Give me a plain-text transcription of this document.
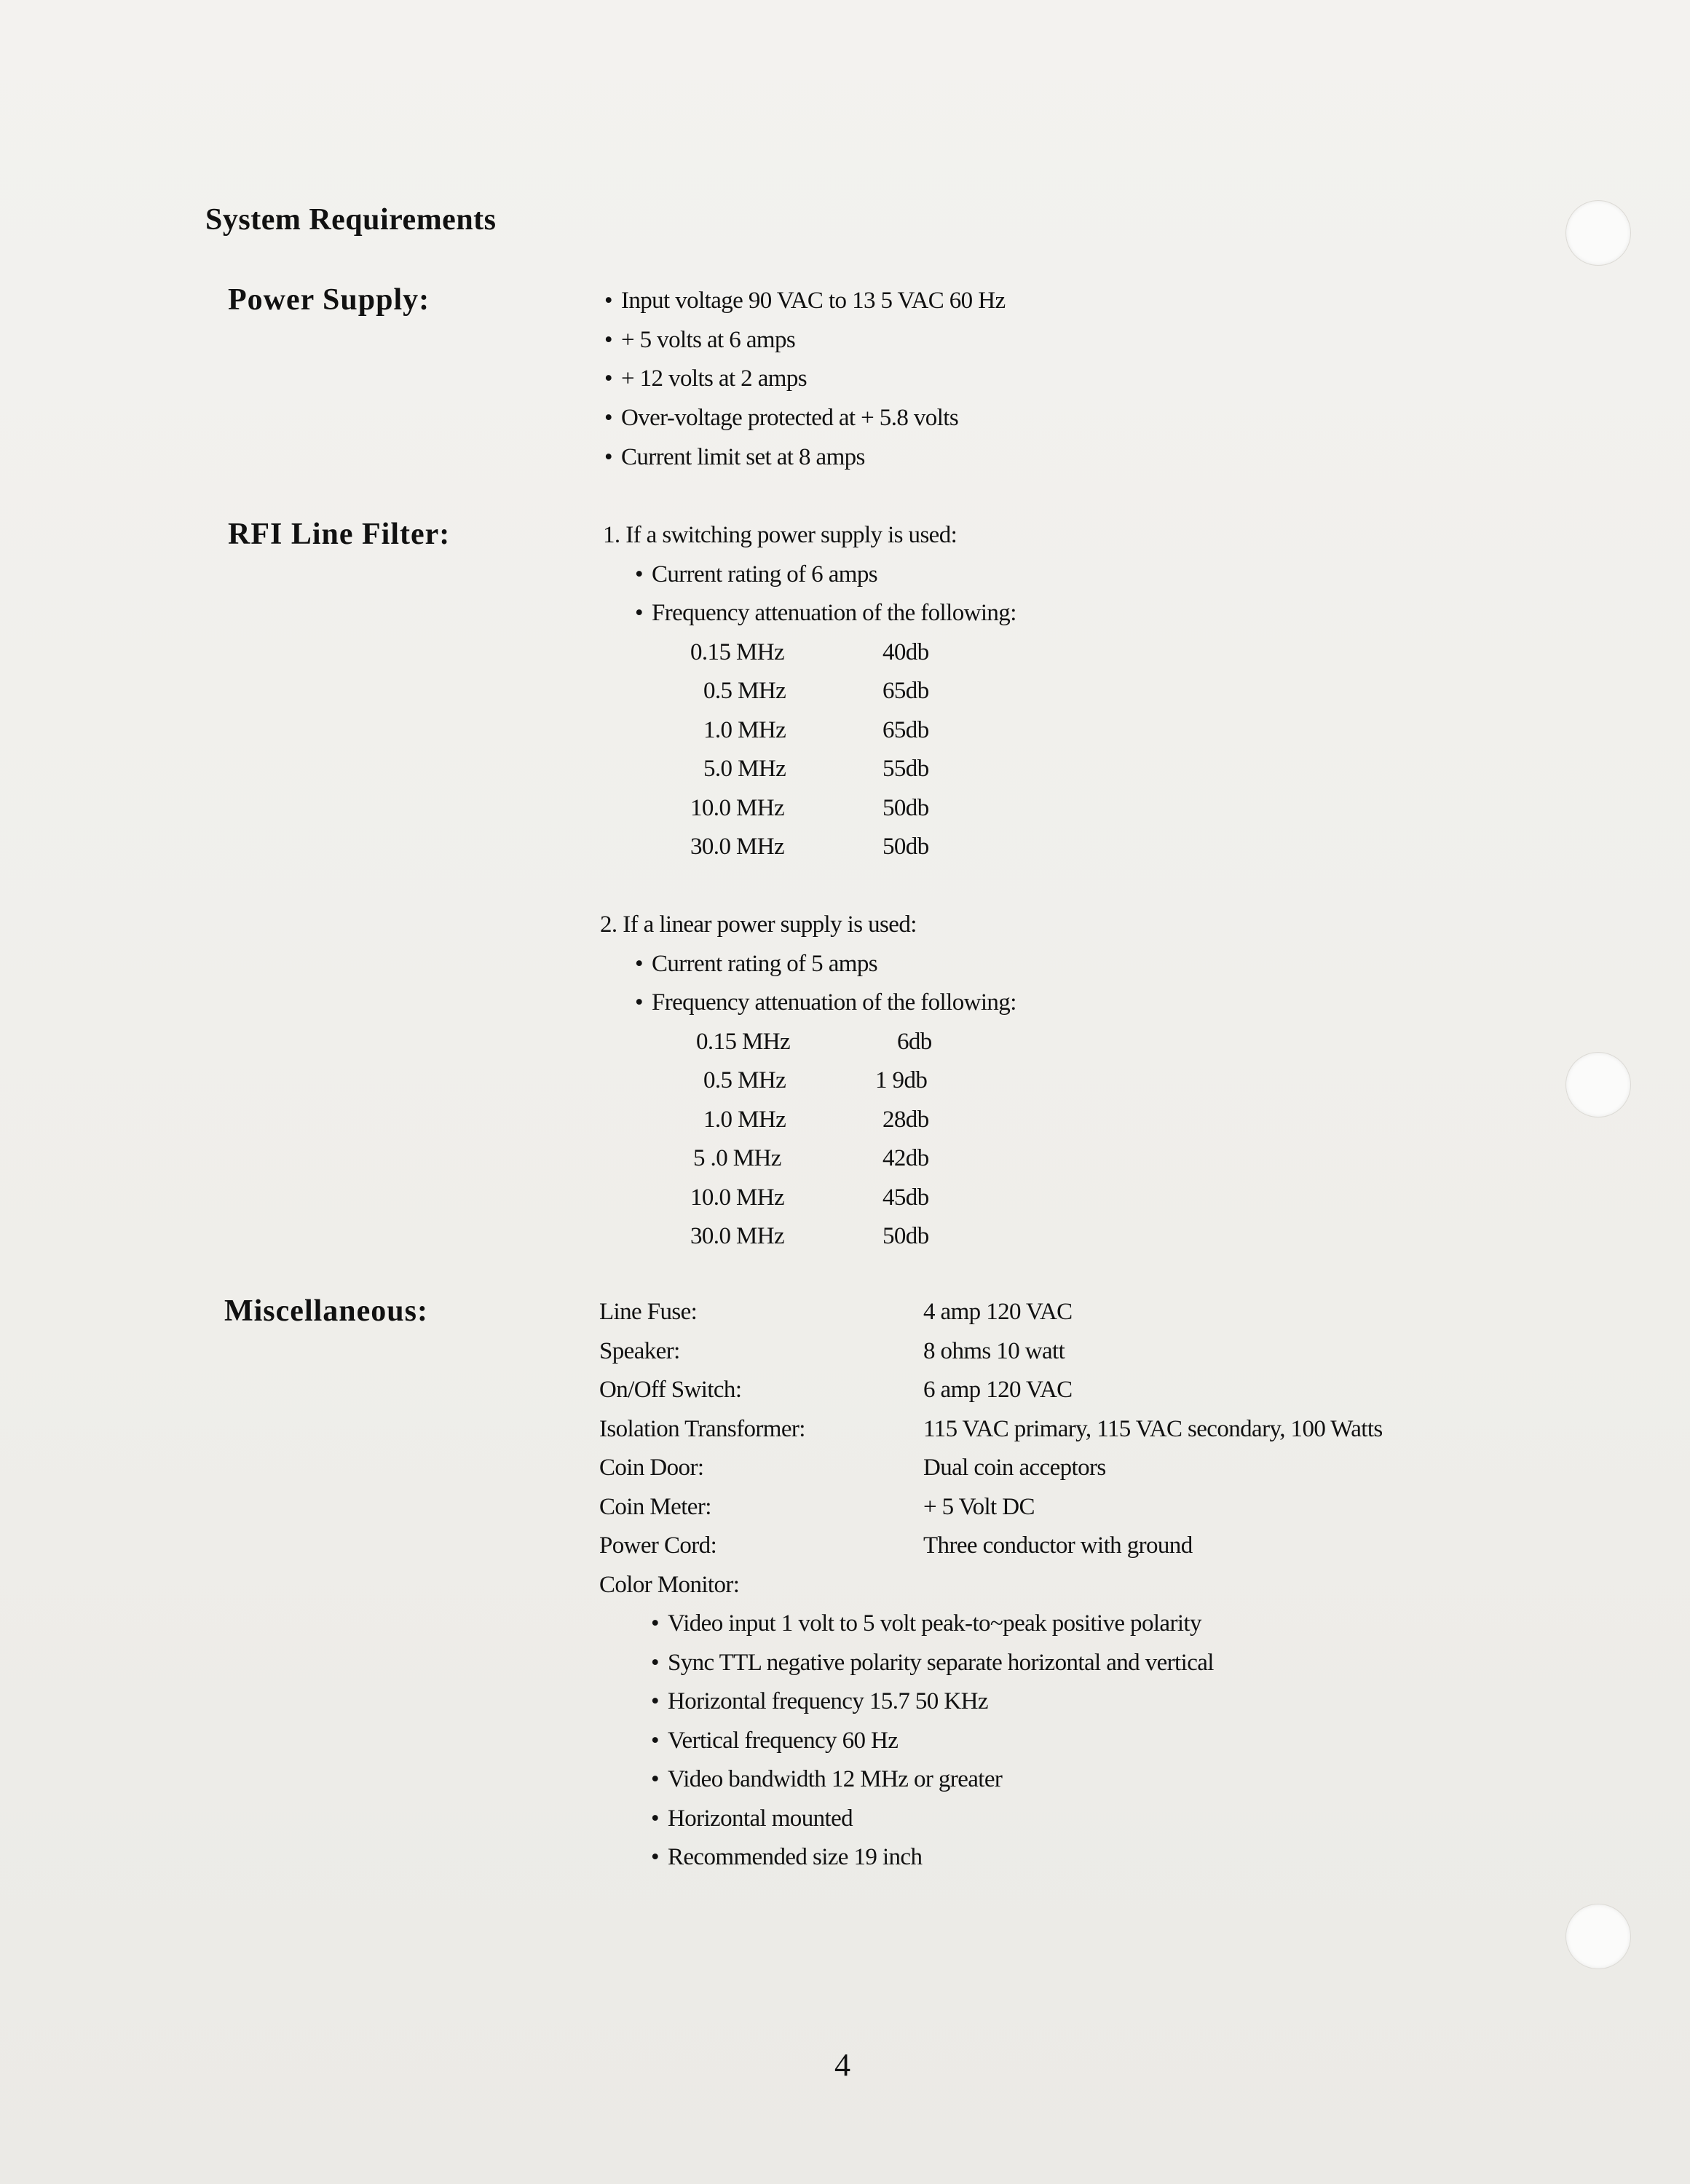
System Requirements
Power Supply:
•	Input voltage 90 VAC to 13 5 VAC 60 Hz
• + 5 volts at 6 amps
• + 12 volts at 2 amps
• Over-voltage protected at + 5.8 volts
• Current limit set at 8 amps
RFI Line Filter:	1. If a switching power supply is used:
• Current rating of 6 amps
• Frequency attenuation of the following:
0.15 MHz	40db
0.5 MHz	65db
1.0 MHz	65db
5.0 MHz	55db
10.0 MHz	50db
30.0 MHz	50db
2. If a linear power supply is used:
• Current rating of 5 amps
• Frequency attenuation of the following:
0.15 MHz	6db
0.5 MHz	1 9db
1.0 MHz	28db
5 .0 MHz	42db
10.0 MHz	45db
30.0 MHz	50db
Miscellaneous:	Line Fuse:	4 amp 120 VAC
Speaker:	8 ohms 10 watt
On/Off Switch:	6 amp 120 VAC
Isolation Transformer:	115 VAC primary, 115 VAC secondary, 100 Watts
Coin Door:	Dual coin acceptors
Coin Meter:	+ 5 Volt DC
Power Cord:	Three conductor with ground
Color Monitor:
• Video input 1 volt to 5 volt peak-to~peak positive polarity
• Sync TTL negative polarity separate horizontal and vertical
• Horizontal frequency 15.7 50 KHz
• Vertical frequency 60 Hz
• Video bandwidth 12 MHz or greater
• Horizontal mounted
• Recommended size 19 inch
4
